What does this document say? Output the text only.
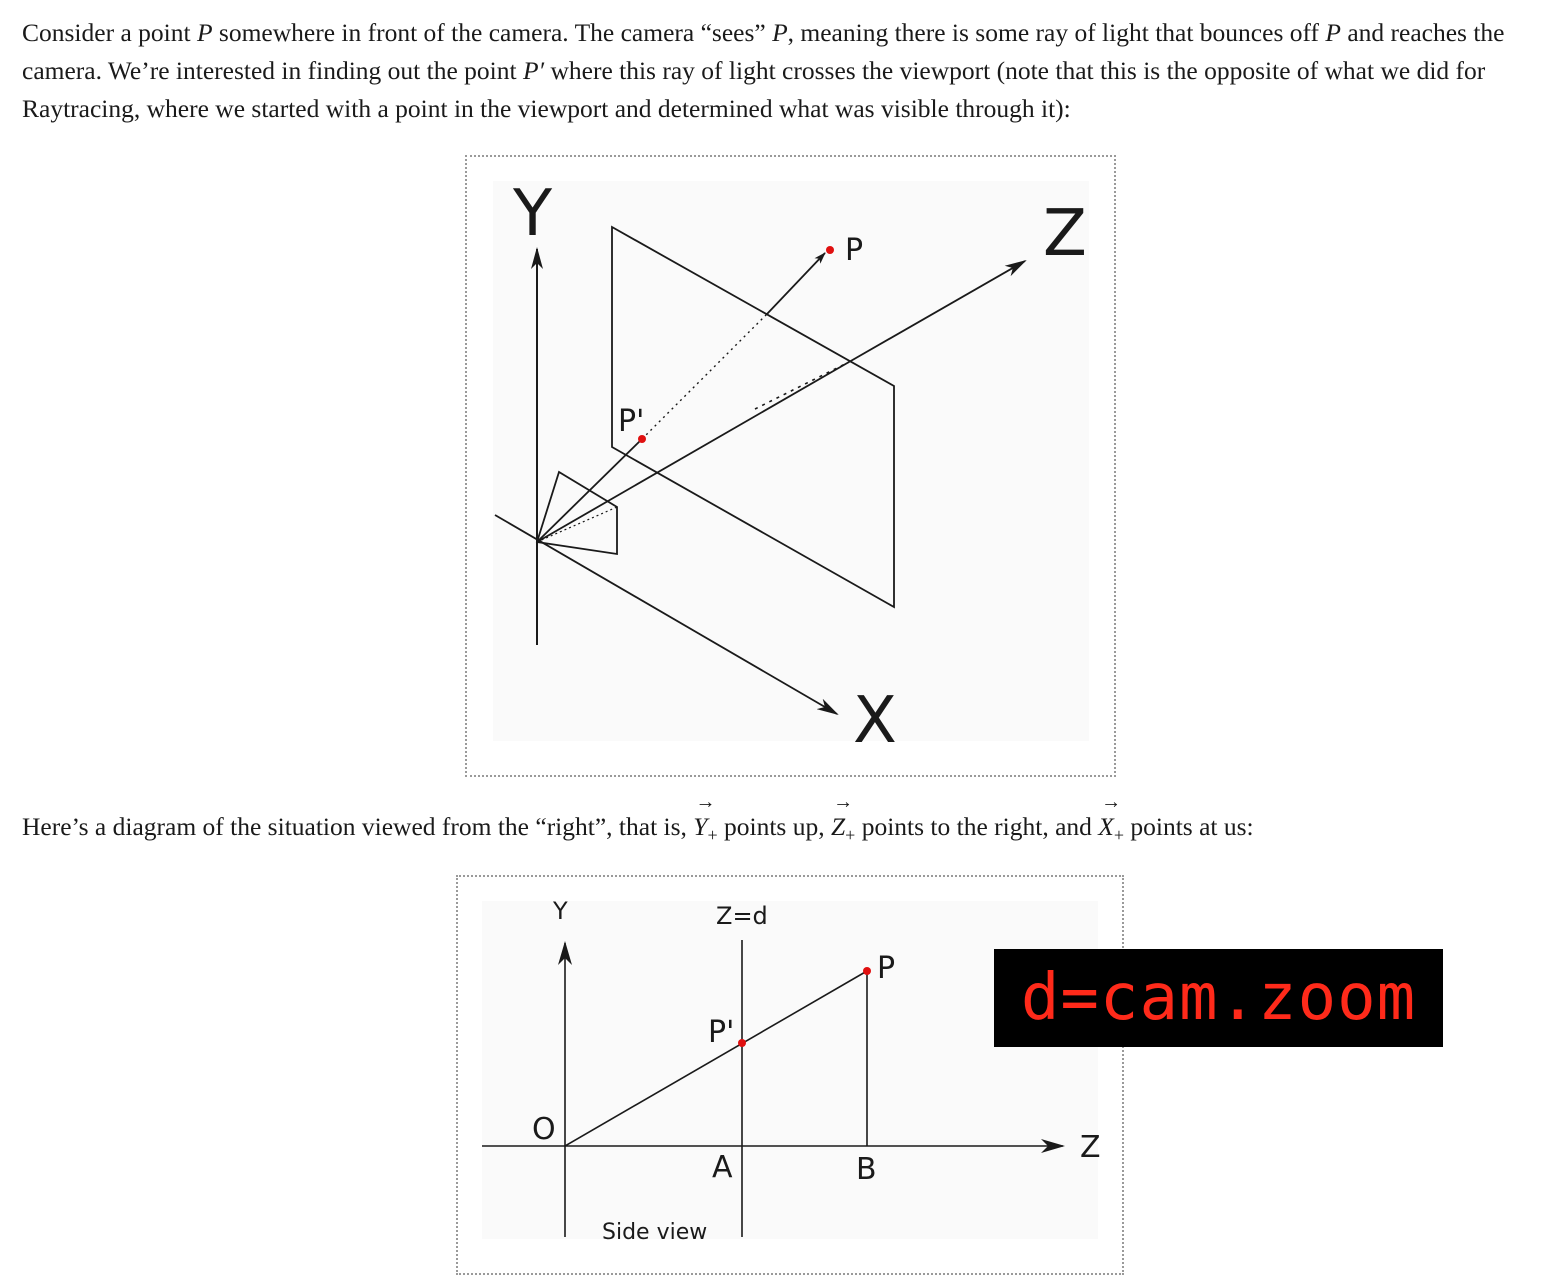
Consider a point P somewhere in front of the camera. The camera “sees” P, meaning there is some ray of light that bounces off P and reaches the camera. We’re interested in finding out the point P′ where this ray of light crosses the viewport (note that this is the opposite of what we did for Raytracing, where we started with a point in the viewport and determined what was visible through it):

Y	Z
X
P
P'

Here’s a diagram of the situation viewed from the “right”, that is,
→
$Y_+$ points up,
→
$Z_+$ points to the right, and
→
$X_+$ points at us:

Y	Z=d
P
P'
O
A	B
Z
Side view
d=cam.zoom
